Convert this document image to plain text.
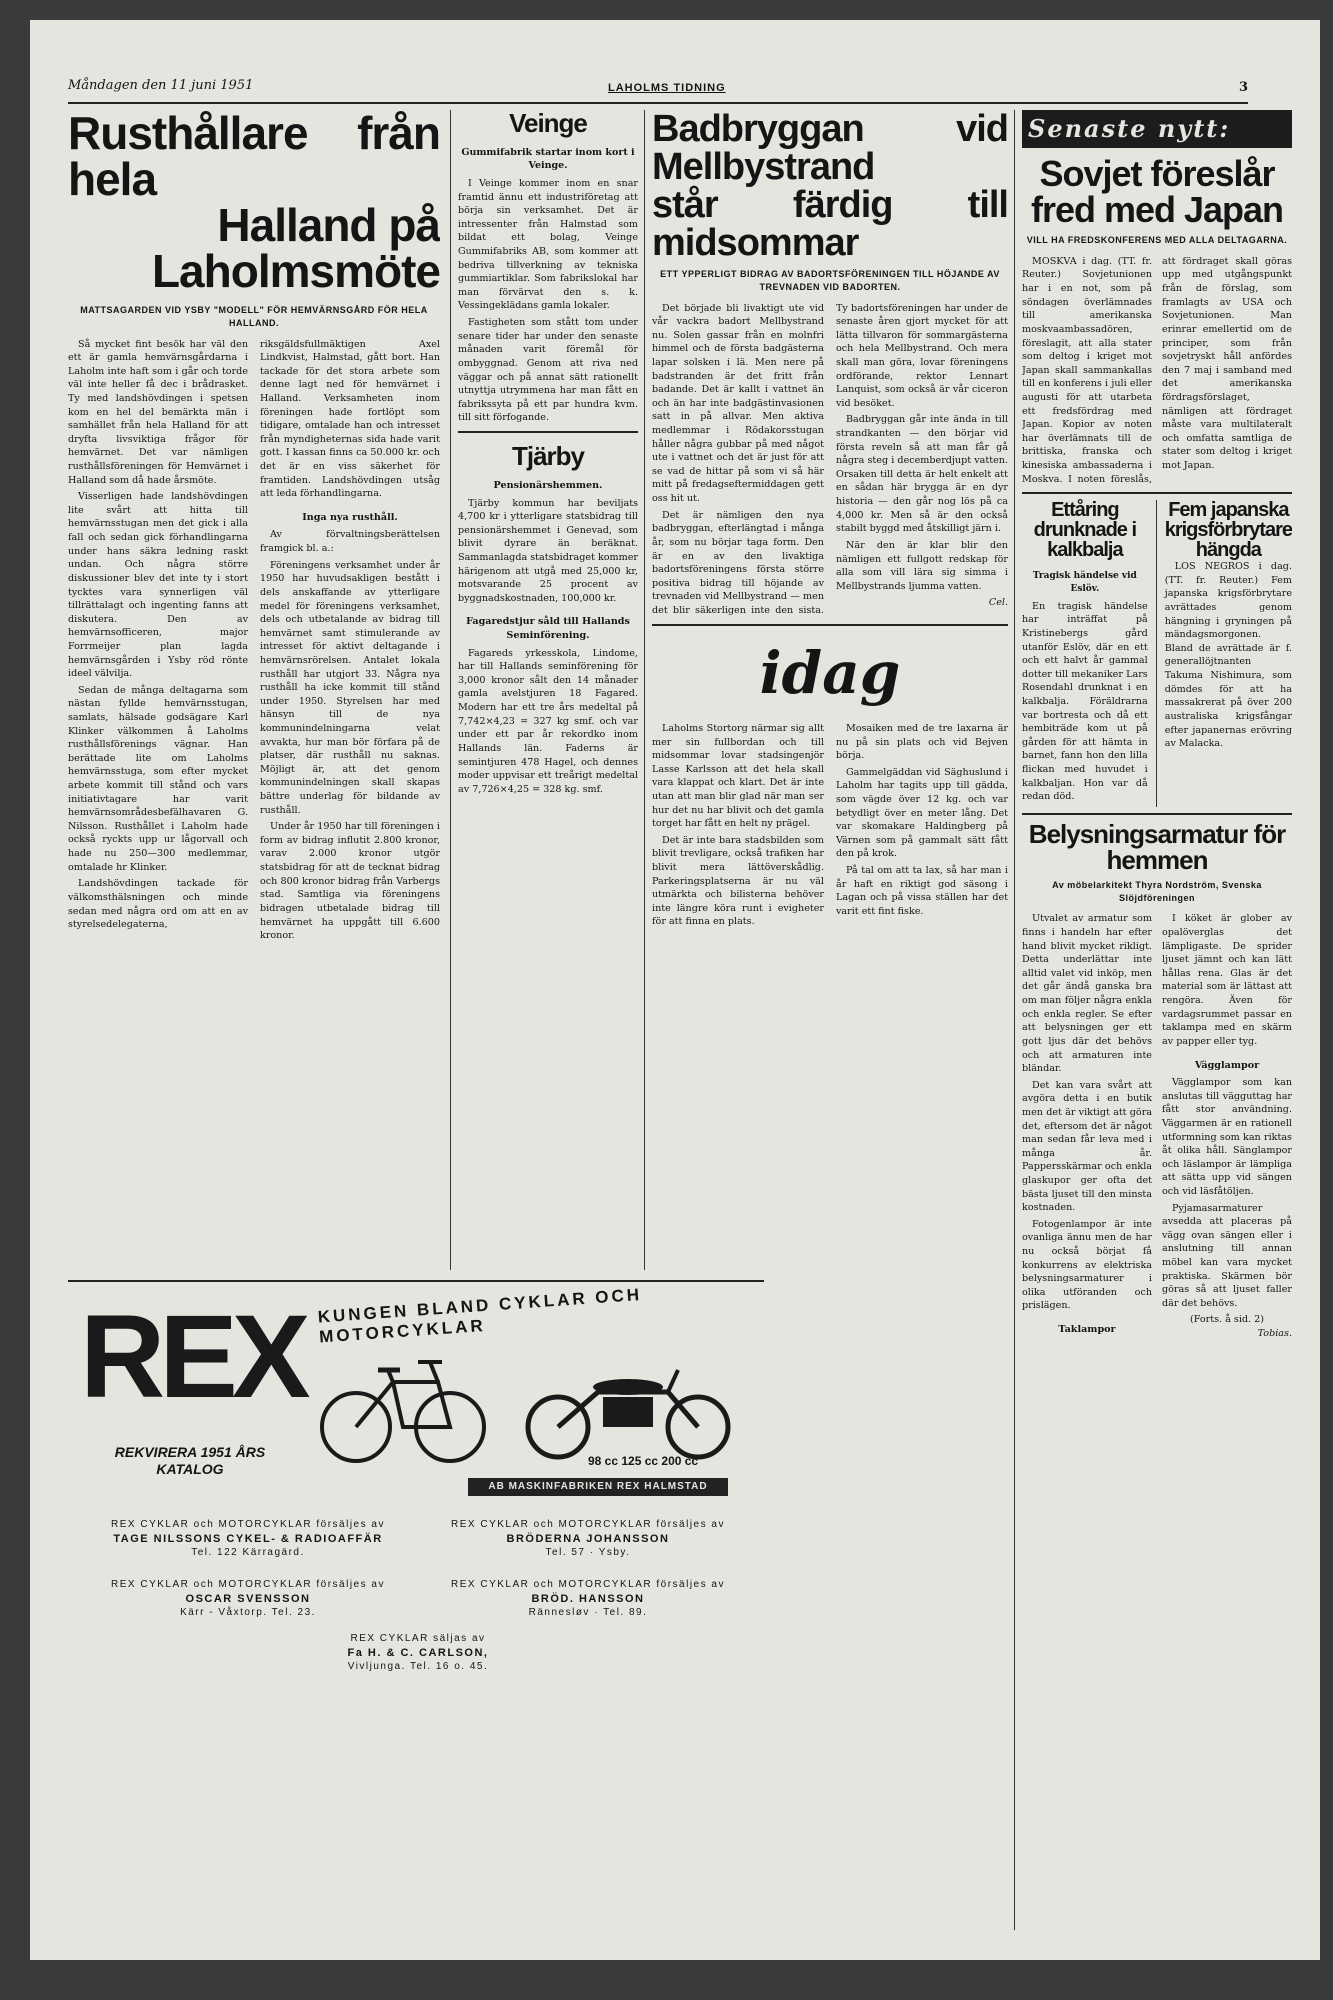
Måndagen den 11 juni 1951	LAHOLMS TIDNING	3
Rusthållare från hela
Halland på Laholmsmöte
MATTSAGARDEN VID YSBY "MODELL" FÖR HEMVÄRNSGÅRD FÖR HELA HALLAND.

Så mycket fint besök har väl den ett är gamla hemvärnsgårdarna i Laholm inte haft som i går och torde väl inte heller få dec i brådrasket. Ty med landshövdingen i spetsen kom en hel del bemärkta män i samhället från hela Halland för att dryfta livsviktiga frågor för hemvärnet. Det var nämligen rusthållsföreningen för Hemvärnet i Halland som då hade årsmöte.

Visserligen hade landshövdingen lite svårt att hitta till hemvärnsstugan men det gick i alla fall och sedan gick förhandlingarna under hans säkra ledning raskt undan. Och några större diskussioner blev det inte ty i stort tycktes vara synnerligen väl tillrättalagt och ingenting fanns att diskutera. Den av hemvärnsofficeren, major Forrmeijer plan lagda hemvärnsgården i Ysby röd rönte ideel välvilja.

Sedan de många deltagarna som nästan fyllde hemvärnsstugan, samlats, hälsade godsägare Karl Klinker välkommen å Laholms rusthållsförenings vägnar. Han berättade lite om Laholms hemvärnsstuga, som efter mycket arbete kommit till stånd och vars initiativtagare har varit hemvärnsområdesbefälhavaren G. Nilsson. Rusthållet i Laholm hade också ryckts upp ur lågorvall och hade nu 250—300 medlemmar, omtalade hr Klinker.

Landshövdingen tackade för välkomsthälsningen och minde sedan med några ord om att en av styrelsedelegaterna, riksgäldsfullmäktigen Axel Lindkvist, Halmstad, gått bort. Han tackade för det stora arbete som denne lagt ned för hemvärnet i Halland. Verksamheten inom föreningen hade fortlöpt som tidigare, omtalade han och intresset från myndigheternas sida hade varit gott. I kassan finns ca 50.000 kr. och det är en viss säkerhet för framtiden. Landshövdingen utsåg att leda förhandlingarna.

Inga nya rusthåll.

Av förvaltningsberättelsen framgick bl. a.:

Föreningens verksamhet under år 1950 har huvudsakligen bestått i dels anskaffande av ytterligare medel för föreningens verksamhet, dels och utbetalande av bidrag till hemvärnet samt stimulerande av intresset för aktivt deltagande i hemvärnsrörelsen. Antalet lokala rusthåll har utgjort 33. Några nya rusthåll ha icke kommit till stånd under 1950. Styrelsen har med hänsyn till de nya kommunindelningarna velat avvakta, hur man bör förfara på de platser, där rusthåll nu saknas. Möjligt är, att det genom kommunindelningen skall skapas bättre underlag för bildande av rusthåll.

Under år 1950 har till föreningen i form av bidrag influtit 2.800 kronor, varav 2.000 kronor utgör statsbidrag för att de tecknat bidrag och 800 kronor bidrag från Varbergs stad. Samtliga via föreningens bidragen utbetalade bidrag till hemvärnet ha uppgått till 6.600 kronor.

Veinge
Gummifabrik startar inom kort i Veinge.

I Veinge kommer inom en snar framtid ännu ett industriföretag att börja sin verksamhet. Det är intressenter från Halmstad som bildat ett bolag, Veinge Gummifabriks AB, som kommer att bedriva tillverkning av tekniska gummiartiklar. Som fabrikslokal har man förvärvat den s. k. Vessingeklädans gamla lokaler.

Fastigheten som stått tom under senare tider har under den senaste månaden varit föremål för ombyggnad. Genom att riva ned väggar och på annat sätt rationellt utnyttja utrymmena har man fått en fabrikssyta på ett par hundra kvm. till sitt förfogande.

Tjärby
Pensionärshemmen.

Tjärby kommun har beviljats 4,700 kr i ytterligare statsbidrag till pensionärshemmet i Genevad, som blivit dyrare än beräknat. Sammanlagda statsbidraget kommer härigenom att utgå med 25,000 kr, motsvarande 25 procent av byggnadskostnaden, 100,000 kr.

Fagaredstjur såld till Hallands Seminförening.

Fagareds yrkesskola, Lindome, har till Hallands seminförening för 3,000 kronor sålt den 14 månader gamla avelstjuren 18 Fagared. Modern har ett tre års medeltal på 7,742×4,23 = 327 kg smf. och var under ett par år rekordko inom Hallands län. Faderns är semintjuren 478 Hagel, och dennes moder uppvisar ett treårigt medeltal av 7,726×4,25 = 328 kg. smf.

Badbryggan vid Mellbystrand
står färdig till midsommar
ETT YPPERLIGT BIDRAG AV BADORTSFÖRENINGEN TILL HÖJANDE AV TREVNADEN VID BADORTEN.

Det började bli livaktigt ute vid vår vackra badort Mellbystrand nu. Solen gassar från en molnfri himmel och de första badgästerna lapar solsken i lä. Men nere på badstranden är det fritt från badande. Det är kallt i vattnet än och än har inte badgästinvasionen satt in på allvar. Men aktiva medlemmar i Rödakorsstugan håller några gubbar på med något ute i vattnet och det är just för att se vad de hittar på som vi så här mitt på fredagseftermiddagen gett oss hit ut.

Det är nämligen den nya badbryggan, efterlängtad i många år, som nu börjar taga form. Den är en av den livaktiga badortsföreningens första större positiva bidrag till höjande av trevnaden vid Mellbystrand — men det blir säkerligen inte den sista. Ty badortsföreningen har under de senaste åren gjort mycket för att lätta tillvaron för sommargästerna och hela Mellbystrand. Och mera skall man göra, lovar föreningens ordförande, rektor Lennart Lanquist, som också är vår ciceron vid besöket.

Badbryggan går inte ända in till strandkanten — den börjar vid första reveln så att man får gå några steg i decemberdjupt vatten. Orsaken till detta är helt enkelt att en sådan här brygga är en dyr historia — den går nog lös på ca 4,000 kr. Men så är den också stabilt byggd med åtskilligt järn i.

När den är klar blir den nämligen ett fullgott redskap för alla som vill lära sig simma i Mellbystrands ljumma vatten.

Cel.
idag

Laholms Stortorg närmar sig allt mer sin fullbordan och till midsommar lovar stadsingenjör Lasse Karlsson att det hela skall vara klappat och klart. Det är inte utan att man blir glad när man ser hur det nu har blivit och det gamla torget har fått en helt ny prägel.

Det är inte bara stadsbilden som blivit trevligare, också trafiken har blivit mera lättöverskådlig. Parkeringsplatserna är nu väl utmärkta och bilisterna behöver inte längre köra runt i evigheter för att finna en plats.

Mosaiken med de tre laxarna är nu på sin plats och vid Bejven börja.

Gammelgäddan vid Säghuslund i Laholm har tagits upp till gädda, som vägde över 12 kg. och var betydligt över en meter lång. Det var skomakare Haldingberg på Värnen som på gammalt sätt fått den på krok.

På tal om att ta lax, så har man i år haft en riktigt god säsong i Lagan och på vissa ställen har det varit ett fint fiske.

Senaste nytt:
Sovjet föreslår
fred med Japan
VILL HA FREDSKONFERENS MED ALLA DELTAGARNA.

MOSKVA i dag. (TT. fr. Reuter.) Sovjetunionen har i en not, som på söndagen överlämnades till amerikanska moskvaambassadören, föreslagit, att alla stater som deltog i kriget mot Japan skall sammankallas till en konferens i juli eller augusti för att utarbeta ett fredsfördrag med Japan. Kopior av noten har överlämnats till de brittiska, franska och kinesiska ambassaderna i Moskva. I noten föreslås, att fördraget skall göras upp med utgångspunkt från de förslag, som framlagts av USA och Sovjetunionen. Man erinrar emellertid om de principer, som från sovjetryskt håll anfördes den 7 maj i samband med det amerikanska fördragsförslaget, nämligen att fördraget måste vara multilateralt och omfatta samtliga de stater som deltog i kriget mot Japan.

Ettåring drunknade i kalkbalja
Tragisk händelse vid Eslöv.

En tragisk händelse har inträffat på Kristinebergs gård utanför Eslöv, där en ett och ett halvt år gammal dotter till mekaniker Lars Rosendahl drunknat i en kalkbalja. Föräldrarna var bortresta och då ett hembiträde kom ut på gården för att hämta in barnet, fann hon den lilla flickan med huvudet i kalkbaljan. Hon var då redan död.

Fem japanska krigsförbrytare hängda

LOS NEGROS i dag. (TT. fr. Reuter.) Fem japanska krigsförbrytare avrättades genom hängning i gryningen på mändagsmorgonen. Bland de avrättade är f. generallöjtnanten Takuma Nishimura, som dömdes för att ha massakrerat på över 200 australiska krigsfångar efter japanernas erövring av Malacka.

Belysningsarmatur för hemmen
Av möbelarkitekt Thyra Nordström, Svenska Slöjdföreningen

Utvalet av armatur som finns i handeln har efter hand blivit mycket rikligt. Detta underlättar inte alltid valet vid inköp, men det går ändå ganska bra om man följer några enkla och enkla regler. Se efter att belysningen ger ett gott ljus där det behövs och att armaturen inte bländar.

Det kan vara svårt att avgöra detta i en butik men det är viktigt att göra det, eftersom det är något man sedan får leva med i många år. Pappersskärmar och enkla glaskupor ger ofta det bästa ljuset till den minsta kostnaden.

Fotogenlampor är inte ovanliga ännu men de har nu också börjat få konkurrens av elektriska belysningsarmaturer i olika utföranden och prislägen.

Taklampor

I köket är glober av opalöverglas det lämpligaste. De sprider ljuset jämnt och kan lätt hållas rena. Glas är det material som är lättast att rengöra. Även för vardagsrummet passar en taklampa med en skärm av papper eller tyg.

Vägglampor

Vägglampor som kan anslutas till vägguttag har fått stor användning. Väggarmen är en rationell utformning som kan riktas åt olika håll. Sänglampor och läslampor är lämpliga att sätta upp vid sängen och vid läsfåtöljen.

Pyjamasarmaturer avsedda att placeras på vägg ovan sängen eller i anslutning till annan möbel kan vara mycket praktiska. Skärmen bör göras så att ljuset faller där det behövs.

(Forts. å sid. 2)
Tobias.
REX KUNGEN BLAND CYKLAR OCH MOTORCYKLAR
98 cc 125 cc 200 cc
REKVIRERA 1951 ÅRS
KATALOG
AB MASKINFABRIKEN REX HALMSTAD
REX CYKLAR och MOTORCYKLAR försäljes av
TAGE NILSSONS CYKEL- & RADIOAFFÄR
Tel. 122 Kärragärd.
REX CYKLAR och MOTORCYKLAR försäljes av
BRÖDERNA JOHANSSON
Tel. 57 · Ysby.
REX CYKLAR och MOTORCYKLAR försäljes av
OSCAR SVENSSON
Kärr - Våxtorp. Tel. 23.
REX CYKLAR och MOTORCYKLAR försäljes av
BRÖD. HANSSON
Rännesløv · Tel. 89.
REX CYKLAR säljas av
Fa H. & C. CARLSON,
Vivljunga. Tel. 16 o. 45.
